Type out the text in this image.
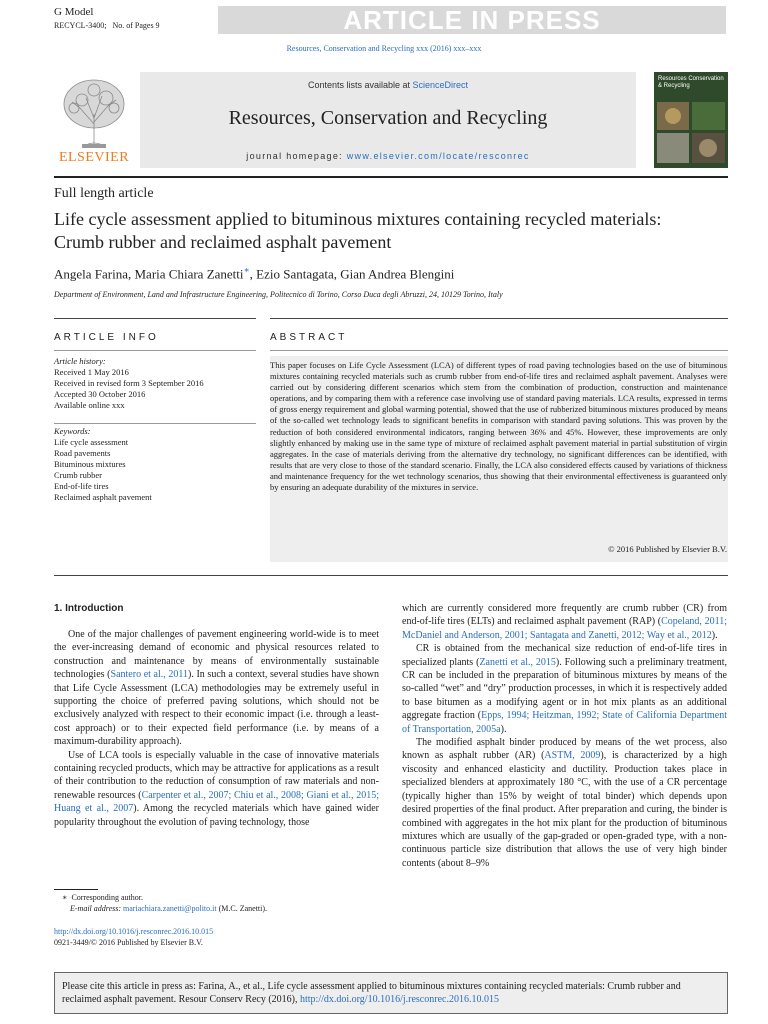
G Model
RECYCL-3400; No. of Pages 9	ARTICLE IN PRESS
Resources, Conservation and Recycling xxx (2016) xxx–xxx
Contents lists available at ScienceDirect
Resources, Conservation and Recycling
journal homepage: www.elsevier.com/locate/resconrec
ELSEVIER
Resources Conservation & Recycling
Full length article
Life cycle assessment applied to bituminous mixtures containing recycled materials: Crumb rubber and reclaimed asphalt pavement
Angela Farina, Maria Chiara Zanetti∗, Ezio Santagata, Gian Andrea Blengini
Department of Environment, Land and Infrastructure Engineering, Politecnico di Torino, Corso Duca degli Abruzzi, 24, 10129 Torino, Italy
ARTICLE INFO	ABSTRACT
Article history:
Received 1 May 2016
Received in revised form 3 September 2016
Accepted 30 October 2016
Available online xxx
Keywords:
Life cycle assessment
Road pavements
Bituminous mixtures
Crumb rubber
End-of-life tires
Reclaimed asphalt pavement
This paper focuses on Life Cycle Assessment (LCA) of different types of road paving technologies based on the use of bituminous mixtures containing recycled materials such as crumb rubber from end-of-life tires and reclaimed asphalt pavement. Analyses were carried out by considering different scenarios which stem from the combination of production, construction and maintenance operations, and by comparing them with a reference case involving use of standard paving materials. LCA results, expressed in terms of gross energy requirement and global warming potential, showed that the use of rubberized bituminous mixtures produced by means of the so-called wet technology leads to significant benefits in comparison with standard paving solutions. This was proven by the reduction of both considered environmental indicators, ranging between 36% and 45%. However, these improvements are only slightly enhanced by making use in the same type of mixture of reclaimed asphalt pavement material in partial substitution of virgin aggregates. In the case of materials deriving from the alternative dry technology, no significant differences can be identified, with results that are very close to those of the standard scenario. Finally, the LCA also considered effects caused by variations of thickness and maintenance frequency for the wet technology scenarios, thus showing that their environmental effectiveness is guaranteed only by ensuring an adequate durability of the mixtures in service.
© 2016 Published by Elsevier B.V.
1. Introduction

One of the major challenges of pavement engineering world-wide is to meet the ever-increasing demand of economic and physical resources related to construction and maintenance by means of environmentally sustainable technologies (Santero et al., 2011). In such a context, several studies have shown that Life Cycle Assessment (LCA) methodologies may be extremely useful in supporting the choice of preferred paving solutions, which should not be exclusively analyzed with respect to their economic impact (i.e. through a least-cost approach) or to their expected field performance (i.e. by means of a maximum-durability approach).

Use of LCA tools is especially valuable in the case of innovative materials containing recycled products, which may be attractive for applications as a result of their contribution to the reduction of consumption of raw materials and non-renewable resources (Carpenter et al., 2007; Chiu et al., 2008; Giani et al., 2015; Huang et al., 2007). Among the recycled materials which have gained wider popularity throughout the evolution of paving technology, those

∗ Corresponding author.
E-mail address: mariachiara.zanetti@polito.it (M.C. Zanetti).
http://dx.doi.org/10.1016/j.resconrec.2016.10.015
0921-3449/© 2016 Published by Elsevier B.V.

which are currently considered more frequently are crumb rubber (CR) from end-of-life tires (ELTs) and reclaimed asphalt pavement (RAP) (Copeland, 2011; McDaniel and Anderson, 2001; Santagata and Zanetti, 2012; Way et al., 2012).

CR is obtained from the mechanical size reduction of end-of-life tires in specialized plants (Zanetti et al., 2015). Following such a preliminary treatment, CR can be included in the preparation of bituminous mixtures by means of the so-called “wet” and “dry” production processes, in which it is respectively added to base bitumen as a modifying agent or in hot mix plants as an additional aggregate fraction (Epps, 1994; Heitzman, 1992; State of California Department of Transportation, 2005a).

The modified asphalt binder produced by means of the wet process, also known as asphalt rubber (AR) (ASTM, 2009), is characterized by a high viscosity and enhanced elasticity and ductility. Production takes place in specialized blenders at approximately 180 °C, with the use of a CR percentage (typically higher than 15% by weight of total binder) which depends upon desired properties of the final product. After preparation and curing, the binder is combined with aggregates in the hot mix plant for the production of bituminous mixtures which are usually of the gap-graded or open-graded type, with a non-continuous particle size distribution that allows the use of very high binder contents (about 8–9%

Please cite this article in press as: Farina, A., et al., Life cycle assessment applied to bituminous mixtures containing recycled materials: Crumb rubber and reclaimed asphalt pavement. Resour Conserv Recy (2016), http://dx.doi.org/10.1016/j.resconrec.2016.10.015
